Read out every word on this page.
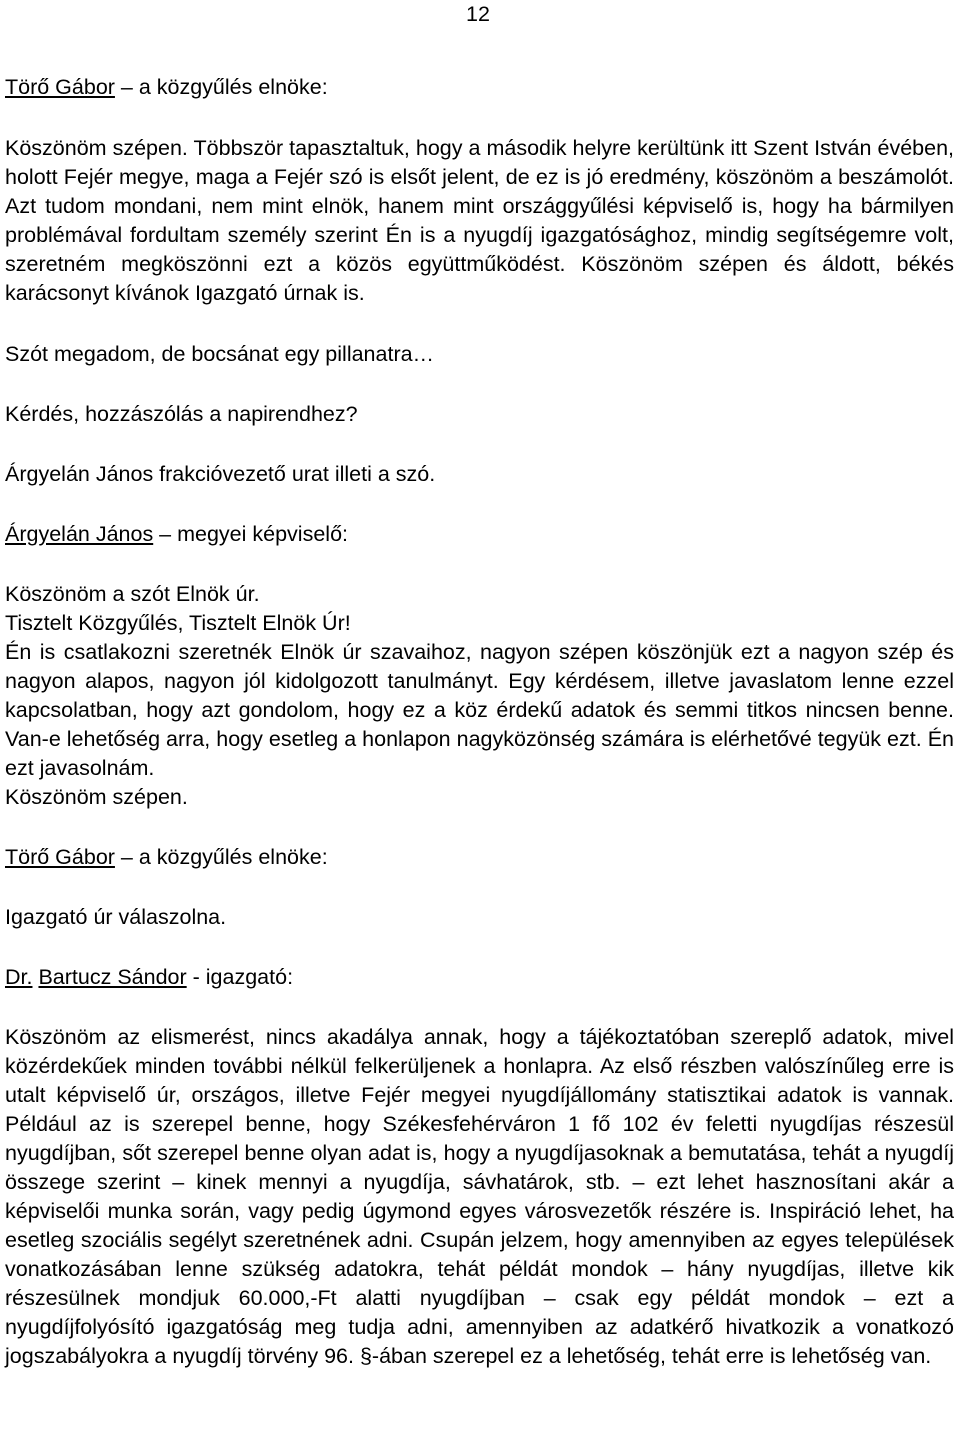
12

Törő Gábor – a közgyűlés elnöke:

Köszönöm szépen. Többször tapasztaltuk, hogy a második helyre kerültünk itt Szent István évében, holott Fejér megye, maga a Fejér szó is elsőt jelent, de ez is jó eredmény, köszönöm a beszámolót. Azt tudom mondani, nem mint elnök, hanem mint országgyűlési képviselő is, hogy ha bármilyen problémával fordultam személy szerint Én is a nyugdíj igazgatósághoz, mindig segítségemre volt, szeretném megköszönni ezt a közös együttműködést. Köszönöm szépen és áldott, békés karácsonyt kívánok Igazgató úrnak is.

Szót megadom, de bocsánat egy pillanatra…

Kérdés, hozzászólás a napirendhez?

Árgyelán János frakcióvezető urat illeti a szó.

Árgyelán János – megyei képviselő:

Köszönöm a szót Elnök úr.

Tisztelt Közgyűlés, Tisztelt Elnök Úr!

Én is csatlakozni szeretnék Elnök úr szavaihoz, nagyon szépen köszönjük ezt a nagyon szép és nagyon alapos, nagyon jól kidolgozott tanulmányt. Egy kérdésem, illetve javaslatom lenne ezzel kapcsolatban, hogy azt gondolom, hogy ez a köz érdekű adatok és semmi titkos nincsen benne. Van-e lehetőség arra, hogy esetleg a honlapon nagyközönség számára is elérhetővé tegyük ezt. Én ezt javasolnám.

Köszönöm szépen.

Törő Gábor – a közgyűlés elnöke:

Igazgató úr válaszolna.

Dr. Bartucz Sándor - igazgató:

Köszönöm az elismerést, nincs akadálya annak, hogy a tájékoztatóban szereplő adatok, mivel közérdekűek minden további nélkül felkerüljenek a honlapra. Az első részben valószínűleg erre is utalt képviselő úr, országos, illetve Fejér megyei nyugdíjállomány statisztikai adatok is vannak. Például az is szerepel benne, hogy Székesfehérváron 1 fő 102 év feletti nyugdíjas részesül nyugdíjban, sőt szerepel benne olyan adat is, hogy a nyugdíjasoknak a bemutatása, tehát a nyugdíj összege szerint – kinek mennyi a nyugdíja, sávhatárok, stb. – ezt lehet hasznosítani akár a képviselői munka során, vagy pedig úgymond egyes városvezetők részére is. Inspiráció lehet, ha esetleg szociális segélyt szeretnének adni. Csupán jelzem, hogy amennyiben az egyes települések vonatkozásában lenne szükség adatokra, tehát példát mondok – hány nyugdíjas, illetve kik részesülnek mondjuk 60.000,-Ft alatti nyugdíjban – csak egy példát mondok – ezt a nyugdíjfolyósító igazgatóság meg tudja adni, amennyiben az adatkérő hivatkozik a vonatkozó jogszabályokra a nyugdíj törvény 96. §-ában szerepel ez a lehetőség, tehát erre is lehetőség van.
